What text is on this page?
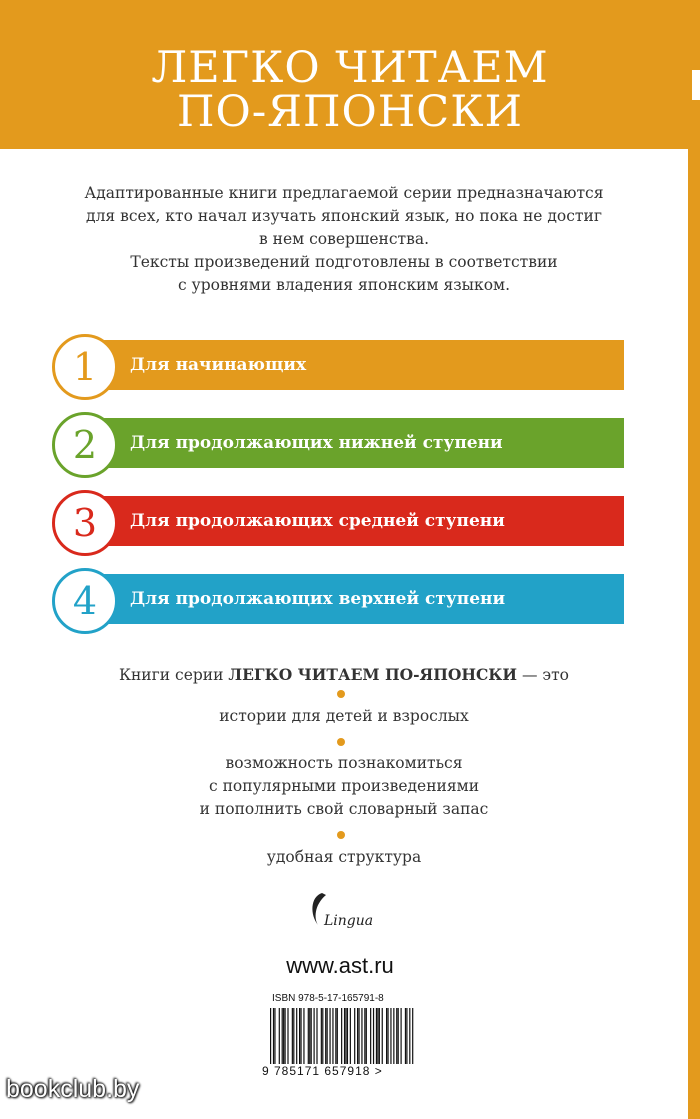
ЛЕГКО ЧИТАЕМ
ПО-ЯПОНСКИ
Адаптированные книги предлагаемой серии предназначаются
для всех, кто начал изучать японский язык, но пока не достиг
в нем совершенства.
Тексты произведений подготовлены в соответствии
с уровнями владения японским языком.
1	Для начинающих
2	Для продолжающих нижней ступени
3	Для продолжающих средней ступени
4	Для продолжающих верхней ступени
Книги серии ЛЕГКО ЧИТАЕМ ПО-ЯПОНСКИ — это
истории для детей и взрослых
возможность познакомиться
с популярными произведениями
и пополнить свой словарный запас
удобная структура
Lingua
www.ast.ru
ISBN 978-5-17-165791-8
9 785171 657918 >
bookclub.by
